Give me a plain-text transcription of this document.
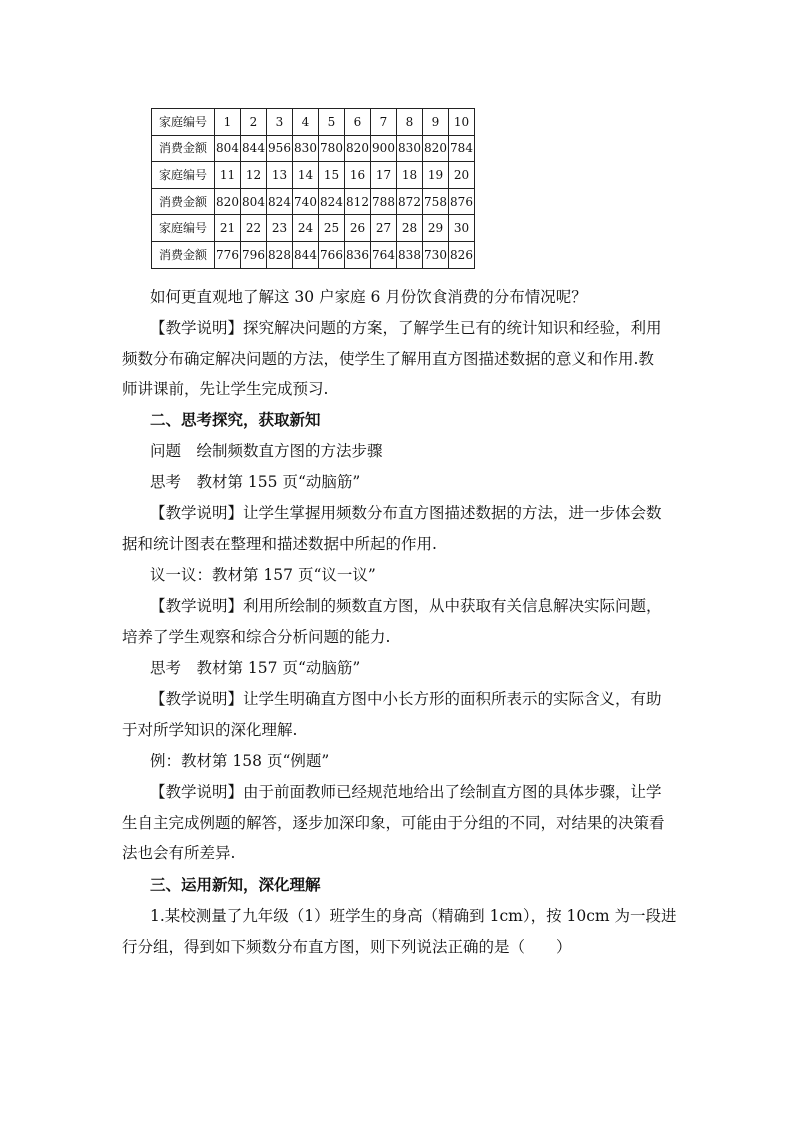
家庭编号	1	2	3	4	5	6	7	8	9	10
消费金额	804	844	956	830	780	820	900	830	820	784
家庭编号	11	12	13	14	15	16	17	18	19	20
消费金额	820	804	824	740	824	812	788	872	758	876
家庭编号	21	22	23	24	25	26	27	28	29	30
消费金额	776	796	828	844	766	836	764	838	730	826

如何更直观地了解这 30 户家庭 6 月份饮食消费的分布情况呢？

【教学说明】探究解决问题的方案，了解学生已有的统计知识和经验，利用
频数分布确定解决问题的方法，使学生了解用直方图描述数据的意义和作用.教
师讲课前，先让学生完成预习.

二、思考探究，获取新知

问题　绘制频数直方图的方法步骤

思考　教材第 155 页“动脑筋”

【教学说明】让学生掌握用频数分布直方图描述数据的方法，进一步体会数
据和统计图表在整理和描述数据中所起的作用.

议一议：教材第 157 页“议一议”

【教学说明】利用所绘制的频数直方图，从中获取有关信息解决实际问题，
培养了学生观察和综合分析问题的能力.

思考　教材第 157 页“动脑筋”

【教学说明】让学生明确直方图中小长方形的面积所表示的实际含义，有助
于对所学知识的深化理解.

例：教材第 158 页“例题”

【教学说明】由于前面教师已经规范地给出了绘制直方图的具体步骤，让学
生自主完成例题的解答，逐步加深印象，可能由于分组的不同，对结果的决策看
法也会有所差异.

三、运用新知，深化理解

1.某校测量了九年级（1）班学生的身高（精确到 1cm），按 10cm 为一段进
行分组，得到如下频数分布直方图，则下列说法正确的是（　　）
